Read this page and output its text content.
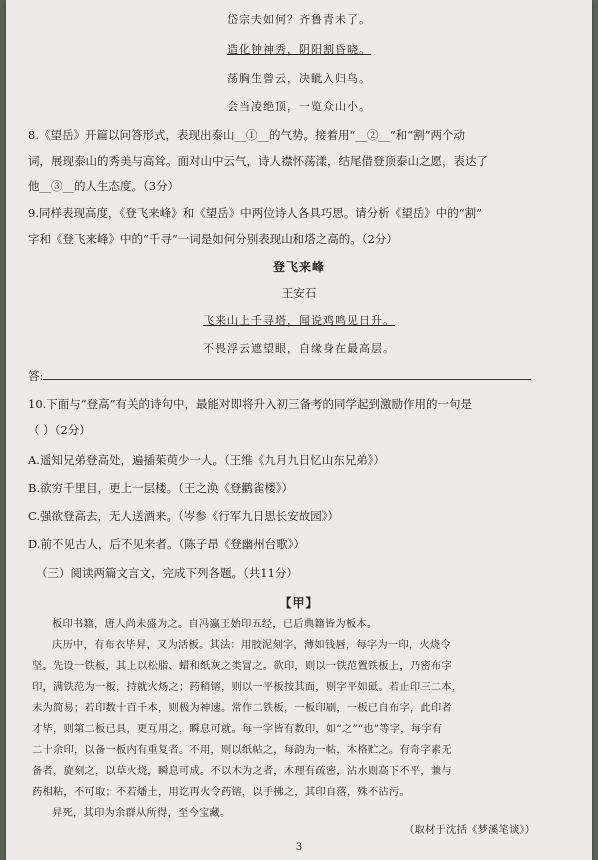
岱宗夫如何？齐鲁青未了。
造化钟神秀，阴阳割昏晓。
荡胸生曾云，决眦入归鸟。
会当凌绝顶，一览众山小。
8.《望岳》开篇以问答形式，表现出泰山__①__的气势。接着用“__②__”和“割”两个动
词，展现泰山的秀美与高耸。面对山中云气，诗人襟怀荡漾，结尾借登顶泰山之愿，表达了
他__③__的人生态度。（3分）
9.同样表现高度，《登飞来峰》和《望岳》中两位诗人各具巧思。请分析《望岳》中的“割”
字和《登飞来峰》中的“千寻”一词是如何分别表现山和塔之高的。（2分）
登飞来峰
王安石
飞来山上千寻塔，闻说鸡鸣见日升。
不畏浮云遮望眼，自缘身在最高层。
答:
10.下面与“登高”有关的诗句中，最能对即将升入初三备考的同学起到激励作用的一句是
（ ）（2分）
A.遥知兄弟登高处，遍插茱萸少一人。（王维《九月九日忆山东兄弟》）
B.欲穷千里目，更上一层楼。（王之涣《登鹳雀楼》）
C.强欲登高去，无人送酒来。（岑参《行军九日思长安故园》）
D.前不见古人，后不见来者。（陈子昂《登幽州台歌》）
（三）阅读两篇文言文，完成下列各题。（共11分）
【甲】
板印书籍，唐人尚未盛为之。自冯瀛王始印五经，已后典籍皆为板本。
庆历中，有布衣毕昇，又为活板。其法：用胶泥刻字，薄如钱唇，每字为一印，火烧令
坚。先设一铁板，其上以松脂、蜡和纸灰之类冒之。欲印，则以一铁范置铁板上，乃密布字
印，满铁范为一板，持就火炀之；药稍镕，则以一平板按其面，则字平如砥。若止印三二本，
未为简易；若印数十百千本，则极为神速。常作二铁板，一板印刷，一板已自布字，此印者
才毕，则第二板已具，更互用之，瞬息可就。每一字皆有数印，如“之”“也”等字，每字有
二十余印，以备一板内有重复者。不用，则以纸帖之，每韵为一帖，木格贮之。有奇字素无
备者，旋刻之，以草火烧，瞬息可成。不以木为之者，木理有疏密，沾水则高下不平，兼与
药相粘，不可取；不若燔土，用讫再火令药镕，以手拂之，其印自落，殊不沾污。
昇死，其印为余群从所得，至今宝藏。
（取材于沈括《梦溪笔谈》）
3
